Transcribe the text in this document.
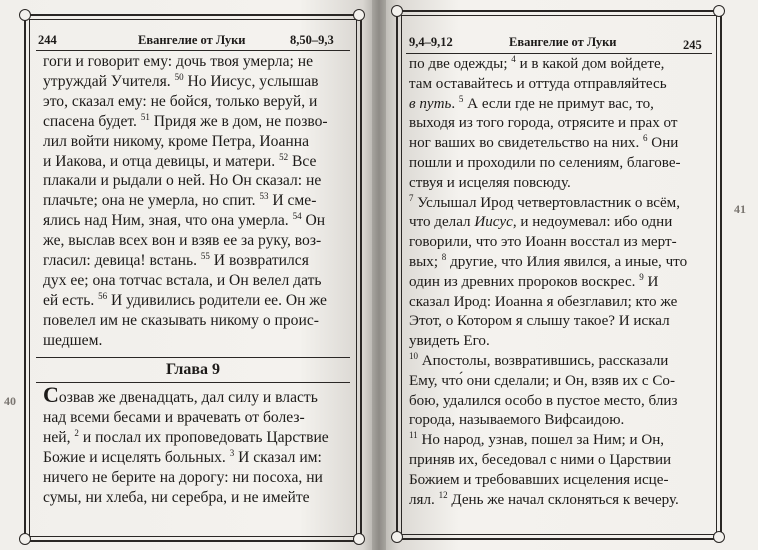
244	Евангелие от Луки	8,50–9,3
гоги и говорит ему: дочь твоя умерла; не
утруждай Учителя. $^{50}$ Но Иисус, услышав
это, сказал ему: не бойся, только веруй, и
спасена будет. $^{51}$ Придя же в дом, не позво-
лил войти никому, кроме Петра, Иоанна
и Иакова, и отца девицы, и матери. $^{52}$ Все
плакали и рыдали о ней. Но Он сказал: не
плачьте; она не умерла, но спит. $^{53}$ И сме-
ялись над Ним, зная, что она умерла. $^{54}$ Он
же, выслав всех вон и взяв ее за руку, воз-
гласил: девица! встань. $^{55}$ И возвратился
дух ее; она тотчас встала, и Он велел дать
ей есть. $^{56}$ И удивились родители ее. Он же
повелел им не сказывать никому о проис-
шедшем.
Глава 9
Созвав же двенадцать, дал силу и власть
над всеми бесами и врачевать от болез-
ней, $^2$ и послал их проповедовать Царствие
Божие и исцелять больных. $^3$ И сказал им:
ничего не берите на дорогу: ни посоха, ни
сумы, ни хлеба, ни серебра, и не имейте
40
9,4–9,12	Евангелие от Луки	245
по две одежды; $^4$ и в какой дом войдете,
там оставайтесь и оттуда отправляйтесь
в путь. $^5$ А если где не примут вас, то,
выходя из того города, отрясите и прах от
ног ваших во свидетельство на них. $^6$ Они
пошли и проходили по селениям, благове-
ствуя и исцеляя повсюду.
$^7$ Услышал Ирод четвертовластник о всём,
что делал Иисус, и недоумевал: ибо одни
говорили, что это Иоанн восстал из мерт-
вых; $^8$ другие, что Илия явился, а иные, что
один из древних пророков воскрес. $^9$ И
сказал Ирод: Иоанна я обезглавил; кто же
Этот, о Котором я слышу такое? И искал
увидеть Его.
$^{10}$ Апостолы, возвратившись, рассказали
Ему, что́ они сделали; и Он, взяв их с Со-
бою, удалился особо в пустое место, близ
города, называемого Вифсаидою.
$^{11}$ Но народ, узнав, пошел за Ним; и Он,
приняв их, беседовал с ними о Царствии
Божием и требовавших исцеления исце-
лял. $^{12}$ День же начал склоняться к вечеру.
41
